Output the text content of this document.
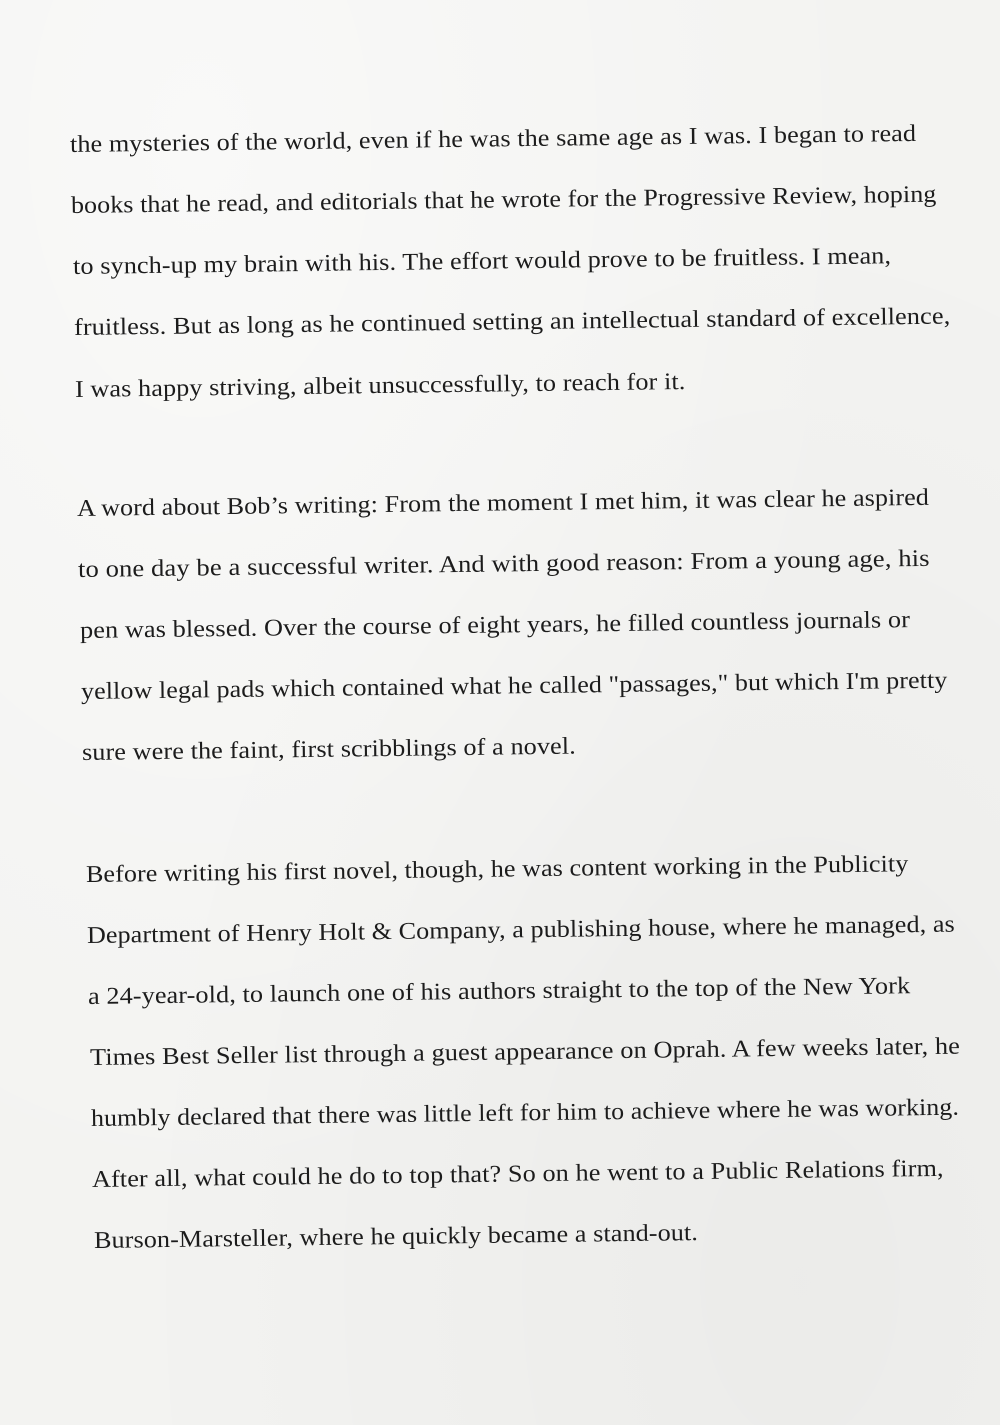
the mysteries of the world, even if he was the same age as I was. I began to read
books that he read, and editorials that he wrote for the Progressive Review, hoping
to synch-up my brain with his. The effort would prove to be fruitless. I mean,
fruitless. But as long as he continued setting an intellectual standard of excellence,
I was happy striving, albeit unsuccessfully, to reach for it.
A word about Bob’s writing: From the moment I met him, it was clear he aspired
to one day be a successful writer. And with good reason: From a young age, his
pen was blessed. Over the course of eight years, he filled countless journals or
yellow legal pads which contained what he called "passages," but which I'm pretty
sure were the faint, first scribblings of a novel.
Before writing his first novel, though, he was content working in the Publicity
Department of Henry Holt & Company, a publishing house, where he managed, as
a 24-year-old, to launch one of his authors straight to the top of the New York
Times Best Seller list through a guest appearance on Oprah. A few weeks later, he
humbly declared that there was little left for him to achieve where he was working.
After all, what could he do to top that? So on he went to a Public Relations firm,
Burson-Marsteller, where he quickly became a stand-out.
